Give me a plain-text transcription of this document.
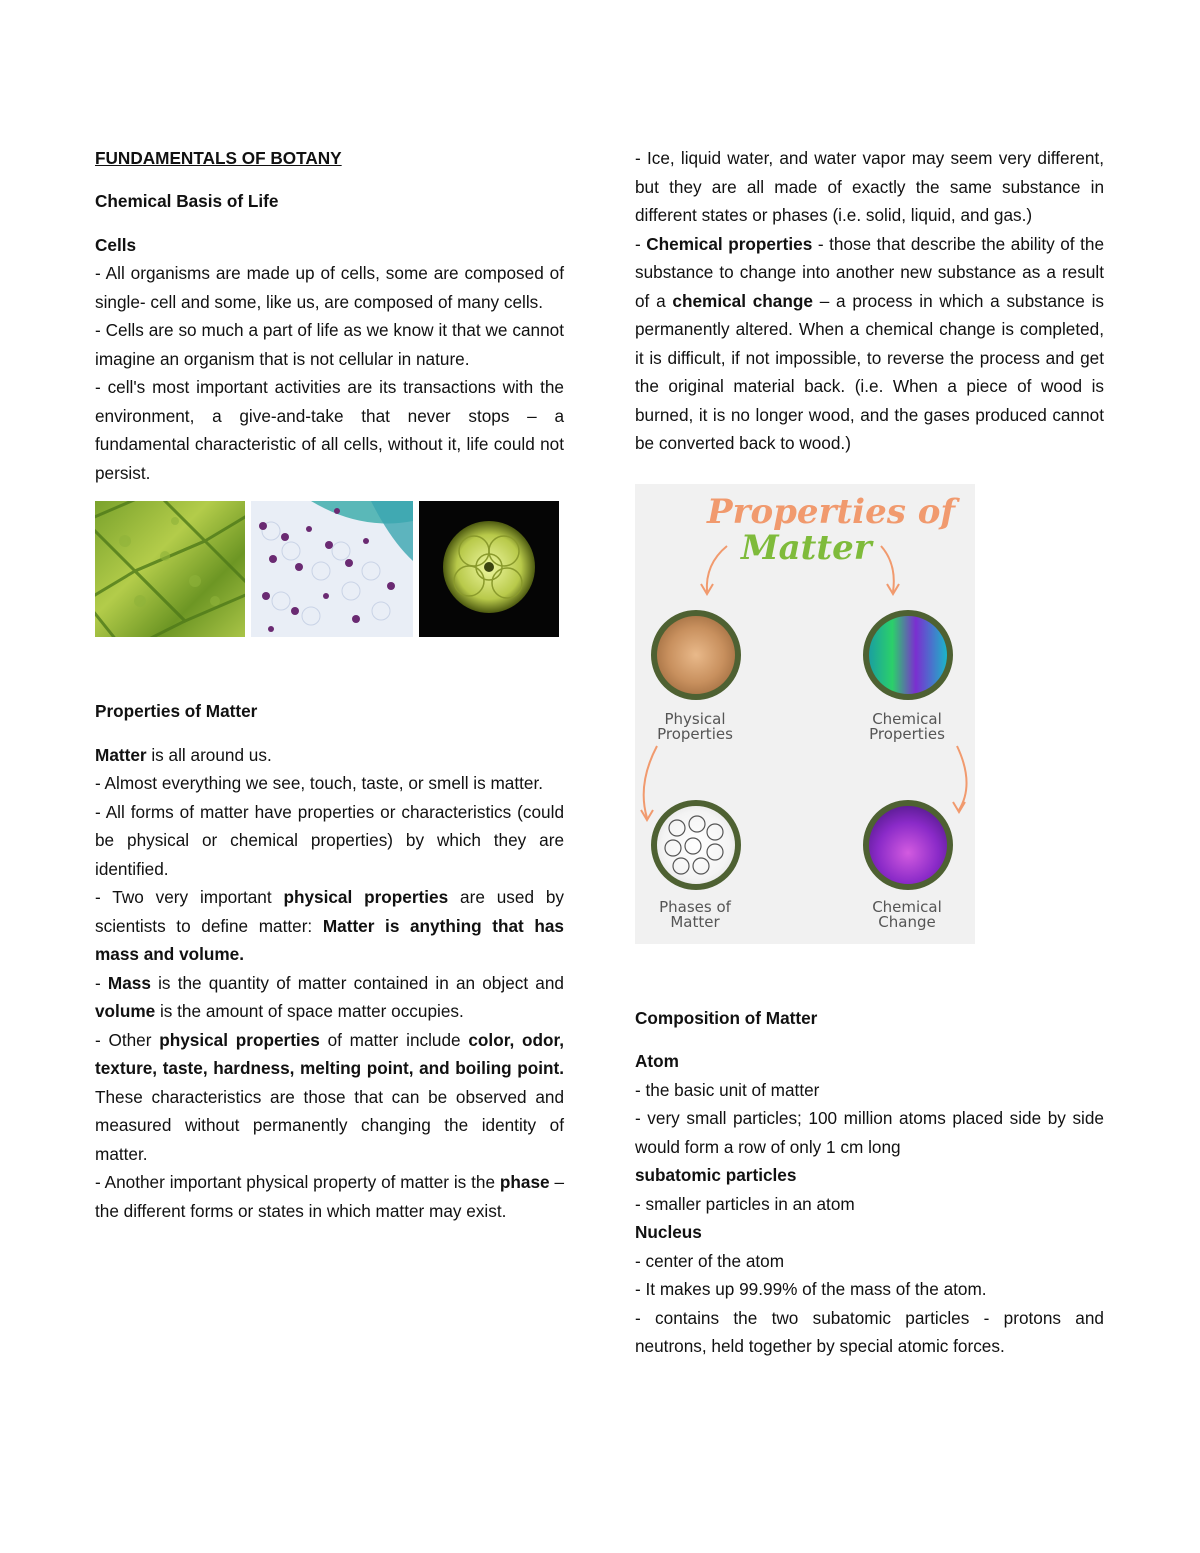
FUNDAMENTALS OF BOTANY

Chemical Basis of Life

Cells

- All organisms are made up of cells, some are composed of single- cell and some, like us, are composed of many cells.

- Cells are so much a part of life as we know it that we cannot imagine an organism that is not cellular in nature.

- cell's most important activities are its transactions with the environment, a give-and-take that never stops – a fundamental characteristic of all cells, without it, life could not persist.

Properties of Matter

Matter is all around us.

- Almost everything we see, touch, taste, or smell is matter.

- All forms of matter have properties or characteristics (could be physical or chemical properties) by which they are identified.

- Two very important physical properties are used by scientists to define matter: Matter is anything that has mass and volume.

- Mass is the quantity of matter contained in an object and volume is the amount of space matter occupies.

- Other physical properties of matter include color, odor, texture, taste, hardness, melting point, and boiling point. These characteristics are those that can be observed and measured without permanently changing the identity of matter.

- Another important physical property of matter is the phase – the different forms or states in which matter may exist.

- Ice, liquid water, and water vapor may seem very different, but they are all made of exactly the same substance in different states or phases (i.e. solid, liquid, and gas.)

- Chemical properties - those that describe the ability of the substance to change into another new substance as a result of a chemical change – a process in which a substance is permanently altered. When a chemical change is completed, it is difficult, if not impossible, to reverse the process and get the original material back. (i.e. When a piece of wood is burned, it is no longer wood, and the gases produced cannot be converted back to wood.)

Properties of
Matter
Physical Properties
Chemical Properties
Phases of Matter
Chemical Change

Composition of Matter

Atom

- the basic unit of matter

- very small particles; 100 million atoms placed side by side would form a row of only 1 cm long

subatomic particles

- smaller particles in an atom

Nucleus

- center of the atom

- It makes up 99.99% of the mass of the atom.

- contains the two subatomic particles - protons and neutrons, held together by special atomic forces.
